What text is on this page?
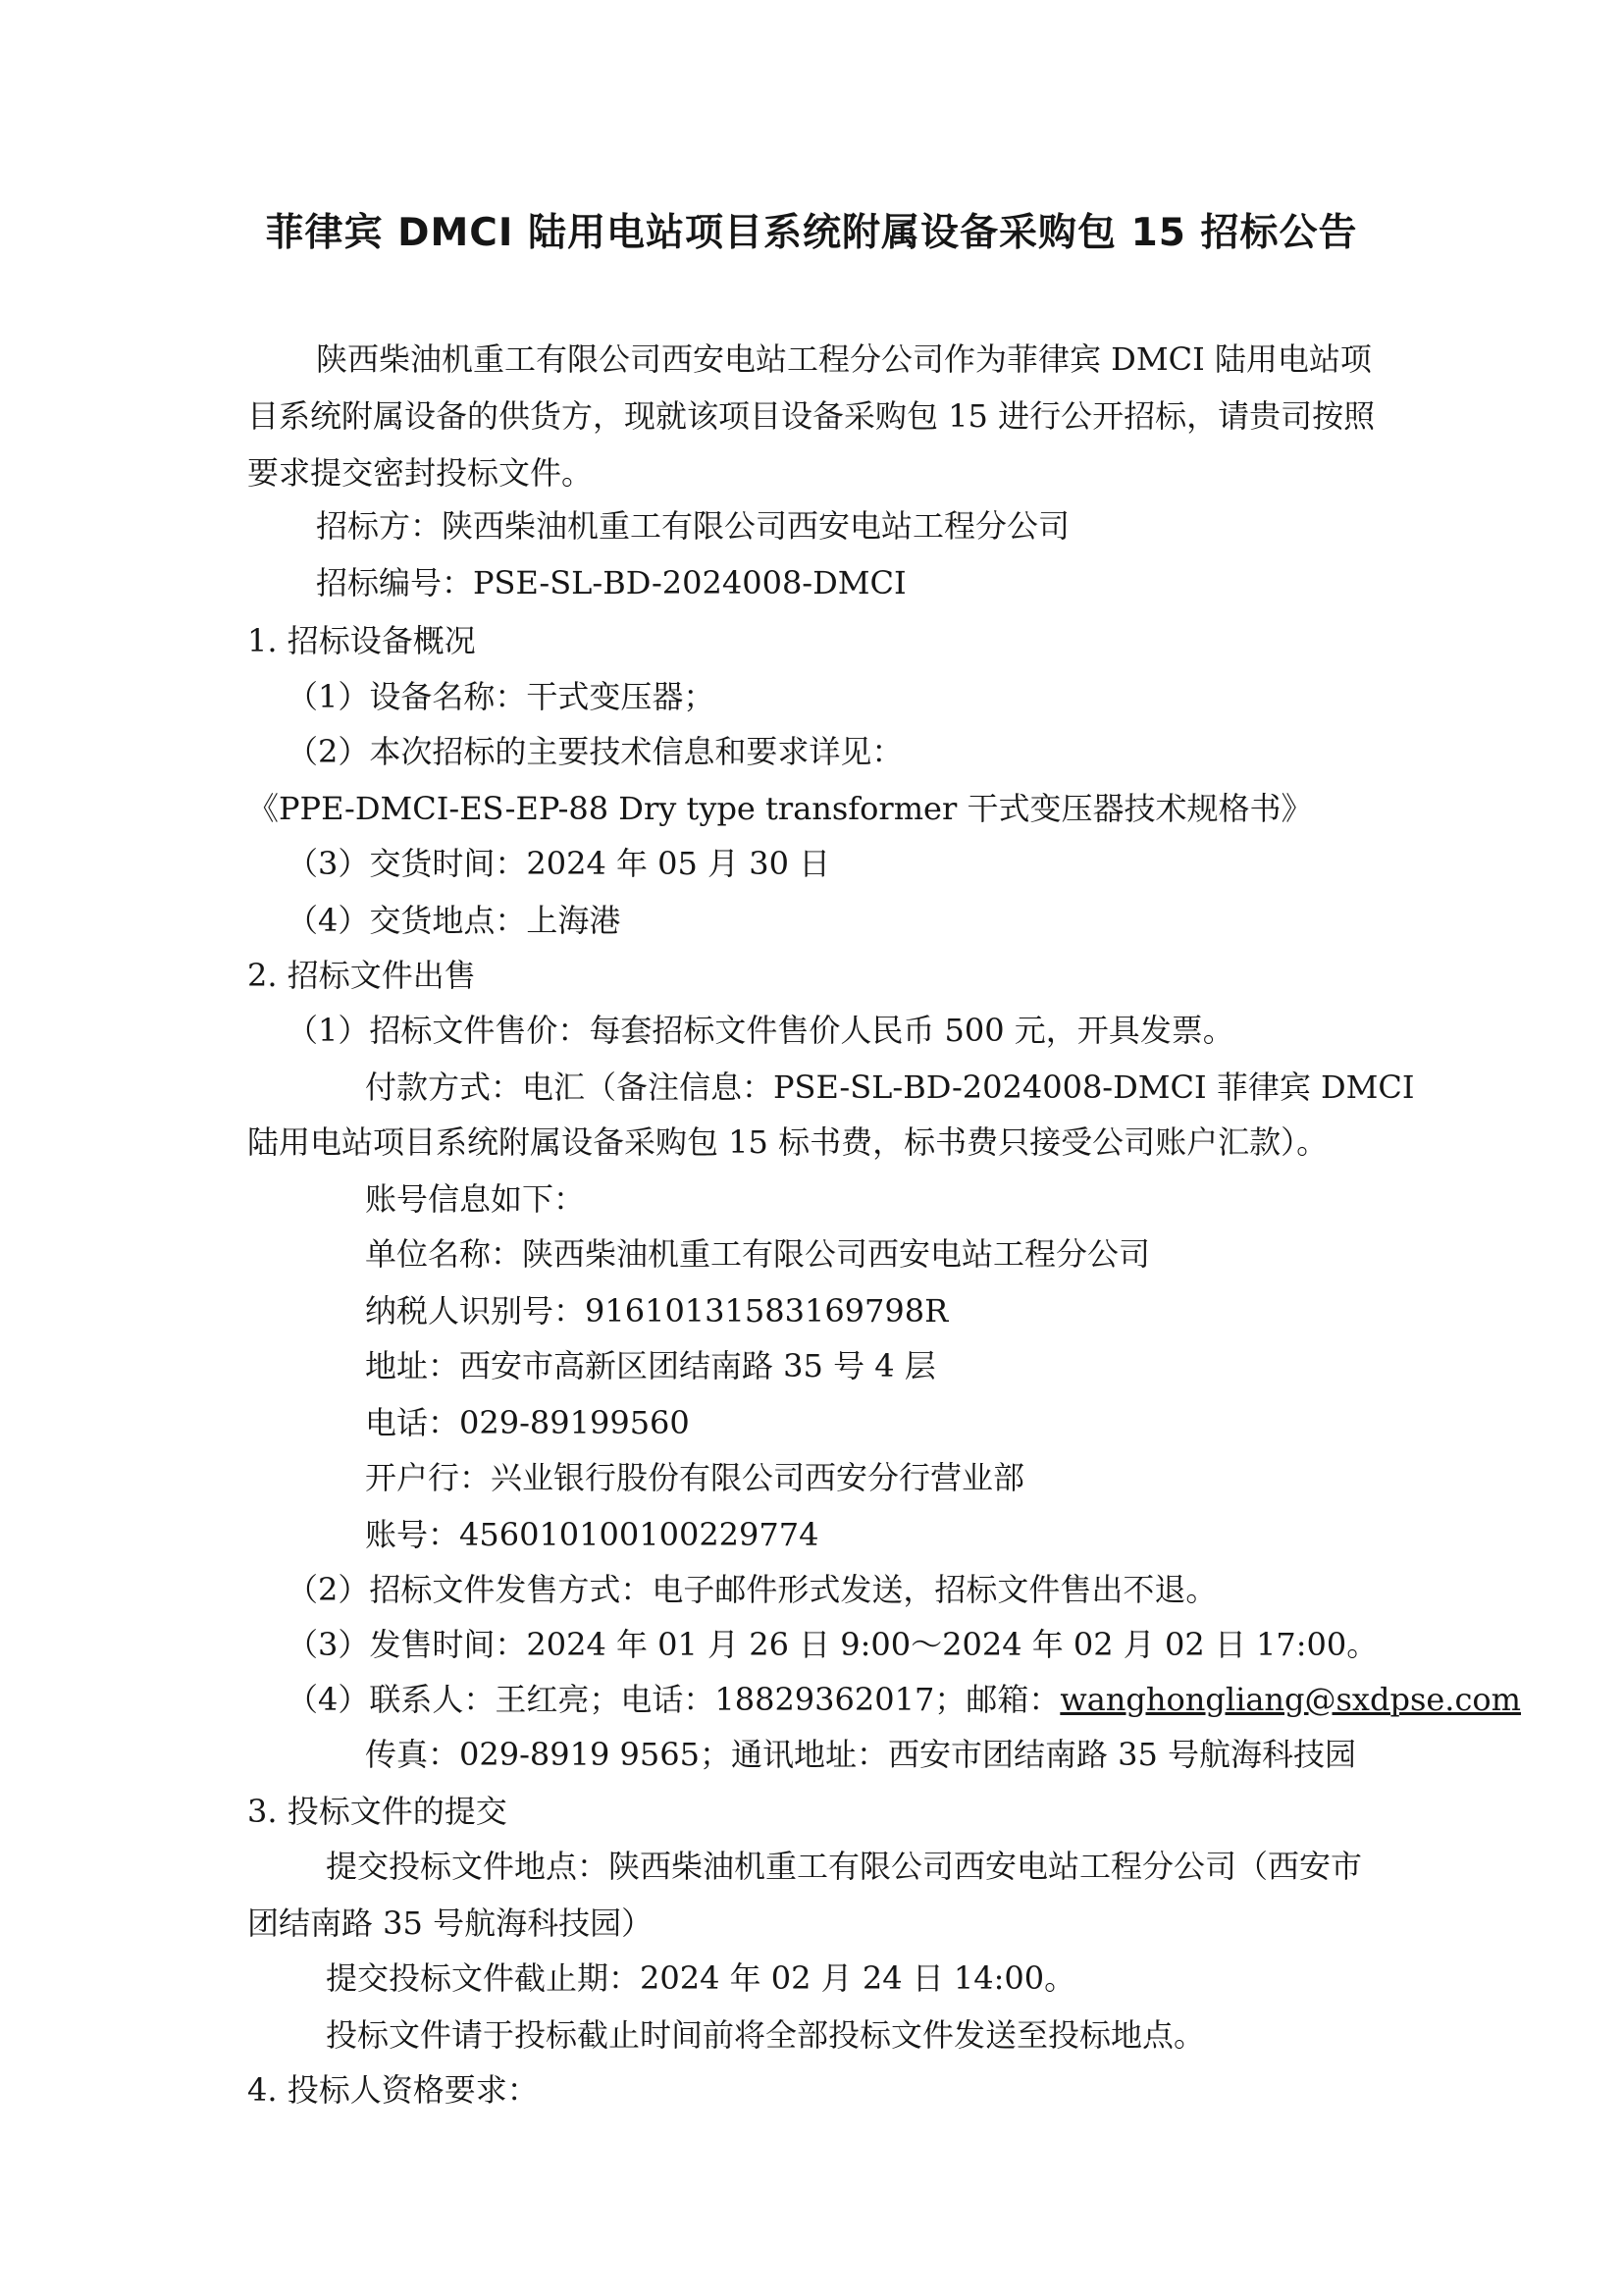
菲律宾 DMCI 陆用电站项目系统附属设备采购包 15 招标公告
陕西柴油机重工有限公司西安电站工程分公司作为菲律宾 DMCI 陆用电站项
目系统附属设备的供货方，现就该项目设备采购包 15 进行公开招标，请贵司按照
要求提交密封投标文件。
招标方：陕西柴油机重工有限公司西安电站工程分公司
招标编号：PSE-SL-BD-2024008-DMCI
1. 招标设备概况
（1）设备名称：干式变压器；
（2）本次招标的主要技术信息和要求详见：
《PPE-DMCI-ES-EP-88 Dry type transformer 干式变压器技术规格书》
（3）交货时间：2024 年 05 月 30 日
（4）交货地点：上海港
2. 招标文件出售
（1）招标文件售价：每套招标文件售价人民币 500 元，开具发票。
付款方式：电汇（备注信息：PSE-SL-BD-2024008-DMCI 菲律宾 DMCI
陆用电站项目系统附属设备采购包 15 标书费，标书费只接受公司账户汇款）。
账号信息如下：
单位名称：陕西柴油机重工有限公司西安电站工程分公司
纳税人识别号：91610131583169798R
地址：西安市高新区团结南路 35 号 4 层
电话：029-89199560
开户行：兴业银行股份有限公司西安分行营业部
账号：456010100100229774
（2）招标文件发售方式：电子邮件形式发送，招标文件售出不退。
（3）发售时间：2024 年 01 月 26 日 9:00～2024 年 02 月 02 日 17:00。
（4）联系人：王红亮；电话：18829362017；邮箱：wanghongliang@sxdpse.com
传真：029-8919 9565；通讯地址：西安市团结南路 35 号航海科技园
3. 投标文件的提交
提交投标文件地点：陕西柴油机重工有限公司西安电站工程分公司（西安市
团结南路 35 号航海科技园）
提交投标文件截止期：2024 年 02 月 24 日 14:00。
投标文件请于投标截止时间前将全部投标文件发送至投标地点。
4. 投标人资格要求：
